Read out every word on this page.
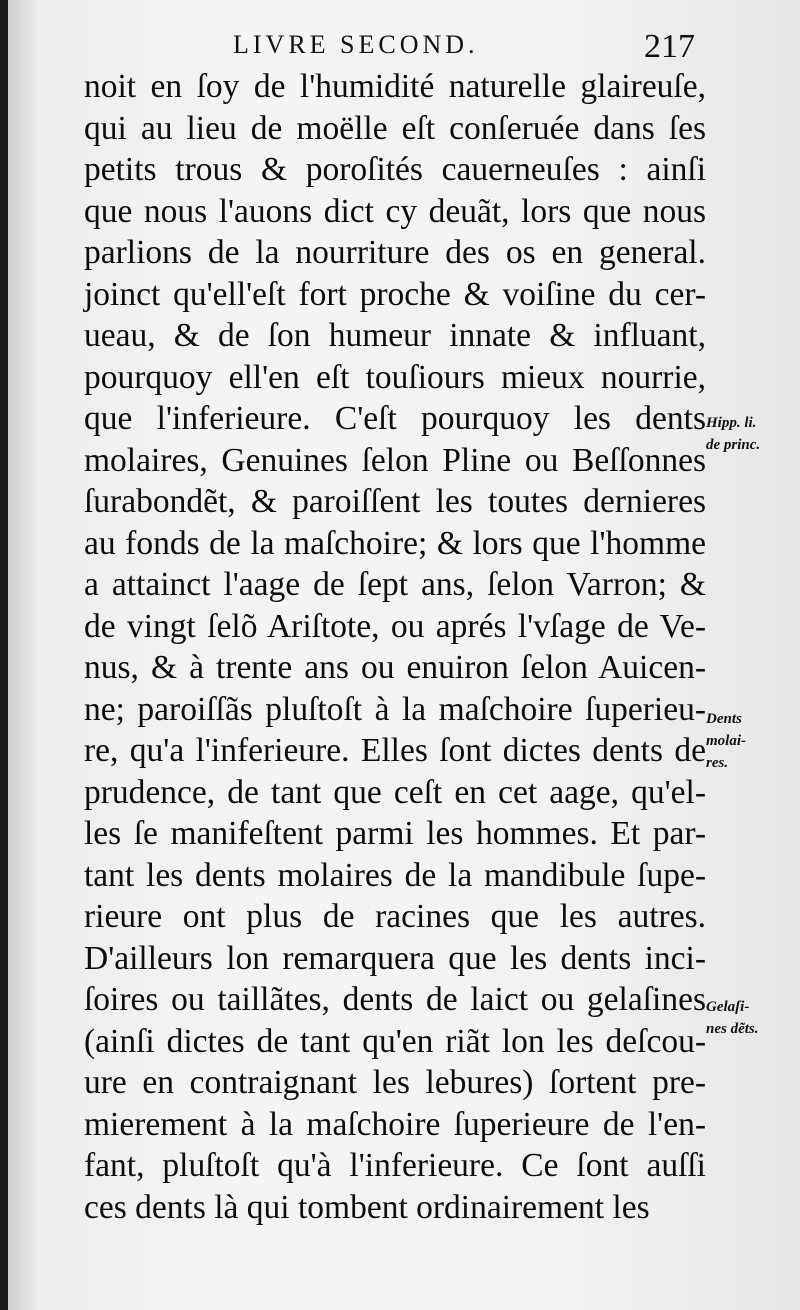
LIVRE SECOND.	217
noit en ſoy de l'humidité naturelle glaireuſe,
qui au lieu de moëlle eſt conſeruée dans ſes
petits trous & poroſités cauerneuſes : ainſi
que nous l'auons dict cy deuãt, lors que nous
parlions de la nourriture des os en general.
joinct qu'ell'eſt fort proche & voiſine du cer-
ueau, & de ſon humeur innate & influant,
pourquoy ell'en eſt touſiours mieux nourrie,
que l'inferieure. C'eſt pourquoy les dents
molaires, Genuines ſelon Pline ou Beſſonnes
ſurabondẽt, & paroiſſent les toutes dernieres
au fonds de la maſchoire; & lors que l'homme
a attainct l'aage de ſept ans, ſelon Varron; &
de vingt ſelõ Ariſtote, ou aprés l'vſage de Ve-
nus, & à trente ans ou enuiron ſelon Auicen-
ne; paroiſſãs pluſtoſt à la maſchoire ſuperieu-
re, qu'a l'inferieure. Elles ſont dictes dents de
prudence, de tant que ceſt en cet aage, qu'el-
les ſe manifeſtent parmi les hommes. Et par-
tant les dents molaires de la mandibule ſupe-
rieure ont plus de racines que les autres.
D'ailleurs lon remarquera que les dents inci-
ſoires ou taillãtes, dents de laict ou gelaſines
(ainſi dictes de tant qu'en riãt lon les deſcou-
ure en contraignant les lebures) ſortent pre-
mierement à la maſchoire ſuperieure de l'en-
fant, pluſtoſt qu'à l'inferieure. Ce ſont auſſi
ces dents là qui tombent ordinairement les
Hipp. li.
de princ.
Dents
molai-
res.
Gelaſi-
nes dẽts.
